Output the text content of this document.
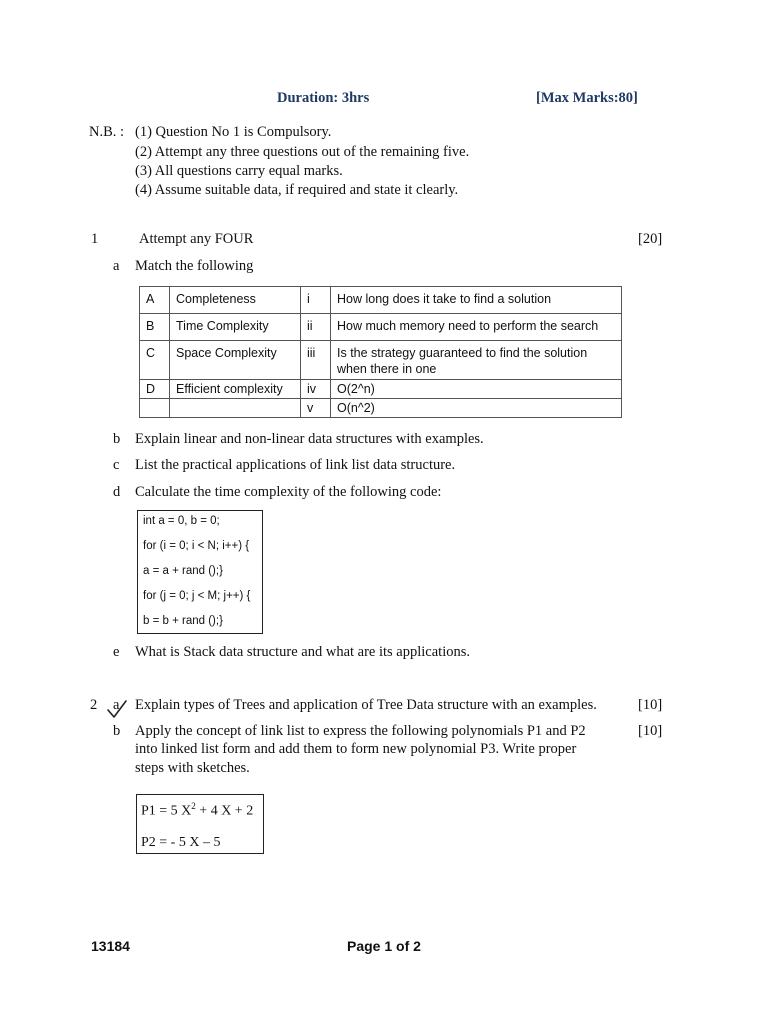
Duration: 3hrs	[Max Marks:80]
N.B. : (1) Question No 1 is Compulsory.
(2) Attempt any three questions out of the remaining five.
(3) All questions carry equal marks.
(4) Assume suitable data, if required and state it clearly.
1	Attempt any FOUR	[20]
a Match the following
A	Completeness	i	How long does it take to find a solution
B	Time Complexity	ii	How much memory need to perform the search
C	Space Complexity	iii	Is the strategy guaranteed to find the solution when there in one
D	Efficient complexity	iv	O(2^n)
		v	O(n^2)
b Explain linear and non-linear data structures with examples.
c List the practical applications of link list data structure.
d Calculate the time complexity of the following code:
int a = 0, b = 0;
for (i = 0; i < N; i++) {
a = a + rand ();}
for (j = 0; j < M; j++) {
b = b + rand ();}
e What is Stack data structure and what are its applications.
2 a Explain types of Trees and application of Tree Data structure with an examples.	[10]
b Apply the concept of link list to express the following polynomials P1 and P2
into linked list form and add them to form new polynomial P3. Write proper
steps with sketches.
[10]
P1 = 5 $X^2 + 4$ X + 2
P2 = - 5 X – 5
13184	Page 1 of 2
